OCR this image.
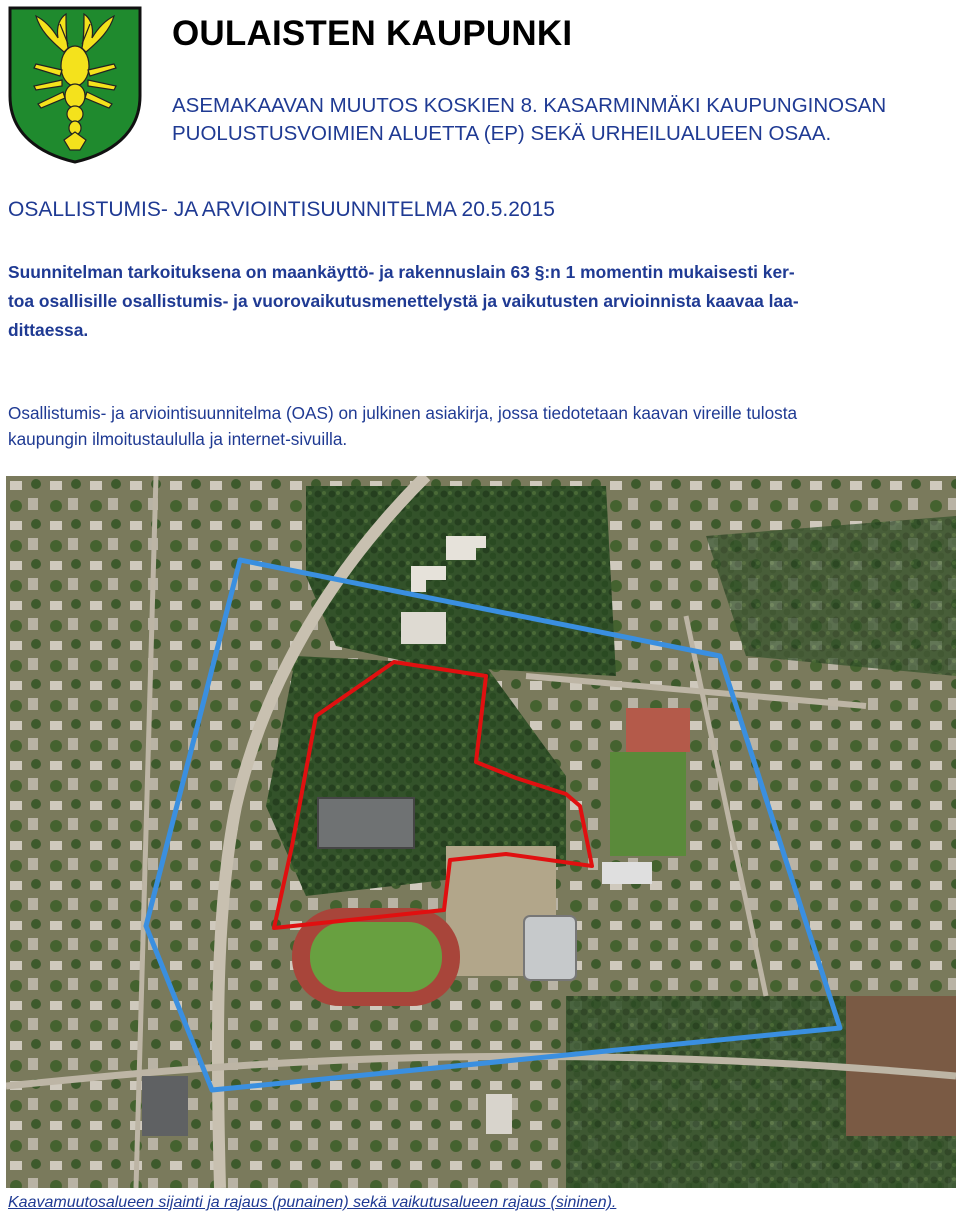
OULAISTEN KAUPUNKI
ASEMAKAAVAN MUUTOS KOSKIEN 8. KASARMINMÄKI KAUPUNGINOSAN
PUOLUSTUSVOIMIEN ALUETTA (EP) SEKÄ URHEILUALUEEN OSAA.
OSALLISTUMIS- JA ARVIOINTISUUNNITELMA 20.5.2015
Suunnitelman tarkoituksena on maankäyttö- ja rakennuslain 63 §:n 1 momentin mukaisesti ker-
toa osallisille osallistumis- ja vuorovaikutusmenettelystä ja vaikutusten arvioinnista kaavaa laa-
dittaessa.
Osallistumis- ja arviointisuunnitelma (OAS) on julkinen asiakirja, jossa tiedotetaan kaavan vireille tulosta
kaupungin ilmoitustaululla ja internet-sivuilla.
Kaavamuutosalueen sijainti ja rajaus (punainen) sekä vaikutusalueen rajaus (sininen).
